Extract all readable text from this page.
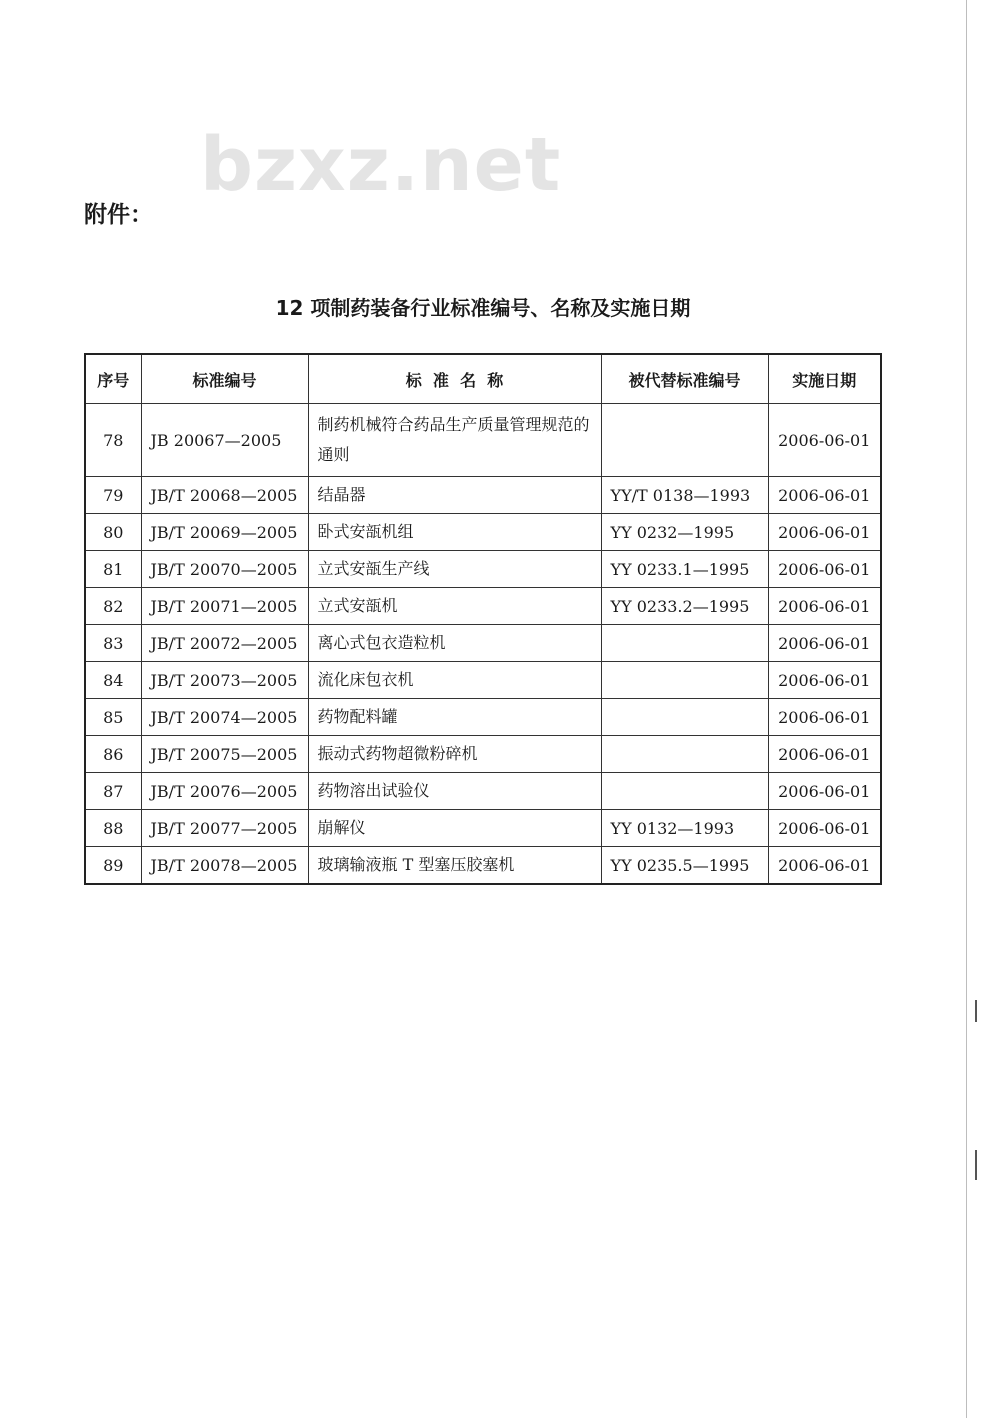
bzxz.net
附件：
12 项制药装备行业标准编号、名称及实施日期
序号	标准编号	标  准  名  称	被代替标准编号	实施日期
78	JB 20067—2005	制药机械符合药品生产质量管理规范的通则		2006-06-01
79	JB/T 20068—2005	结晶器	YY/T 0138—1993	2006-06-01
80	JB/T 20069—2005	卧式安瓿机组	YY 0232—1995	2006-06-01
81	JB/T 20070—2005	立式安瓿生产线	YY 0233.1—1995	2006-06-01
82	JB/T 20071—2005	立式安瓿机	YY 0233.2—1995	2006-06-01
83	JB/T 20072—2005	离心式包衣造粒机		2006-06-01
84	JB/T 20073—2005	流化床包衣机		2006-06-01
85	JB/T 20074—2005	药物配料罐		2006-06-01
86	JB/T 20075—2005	振动式药物超微粉碎机		2006-06-01
87	JB/T 20076—2005	药物溶出试验仪		2006-06-01
88	JB/T 20077—2005	崩解仪	YY 0132—1993	2006-06-01
89	JB/T 20078—2005	玻璃输液瓶 T 型塞压胶塞机	YY 0235.5—1995	2006-06-01
